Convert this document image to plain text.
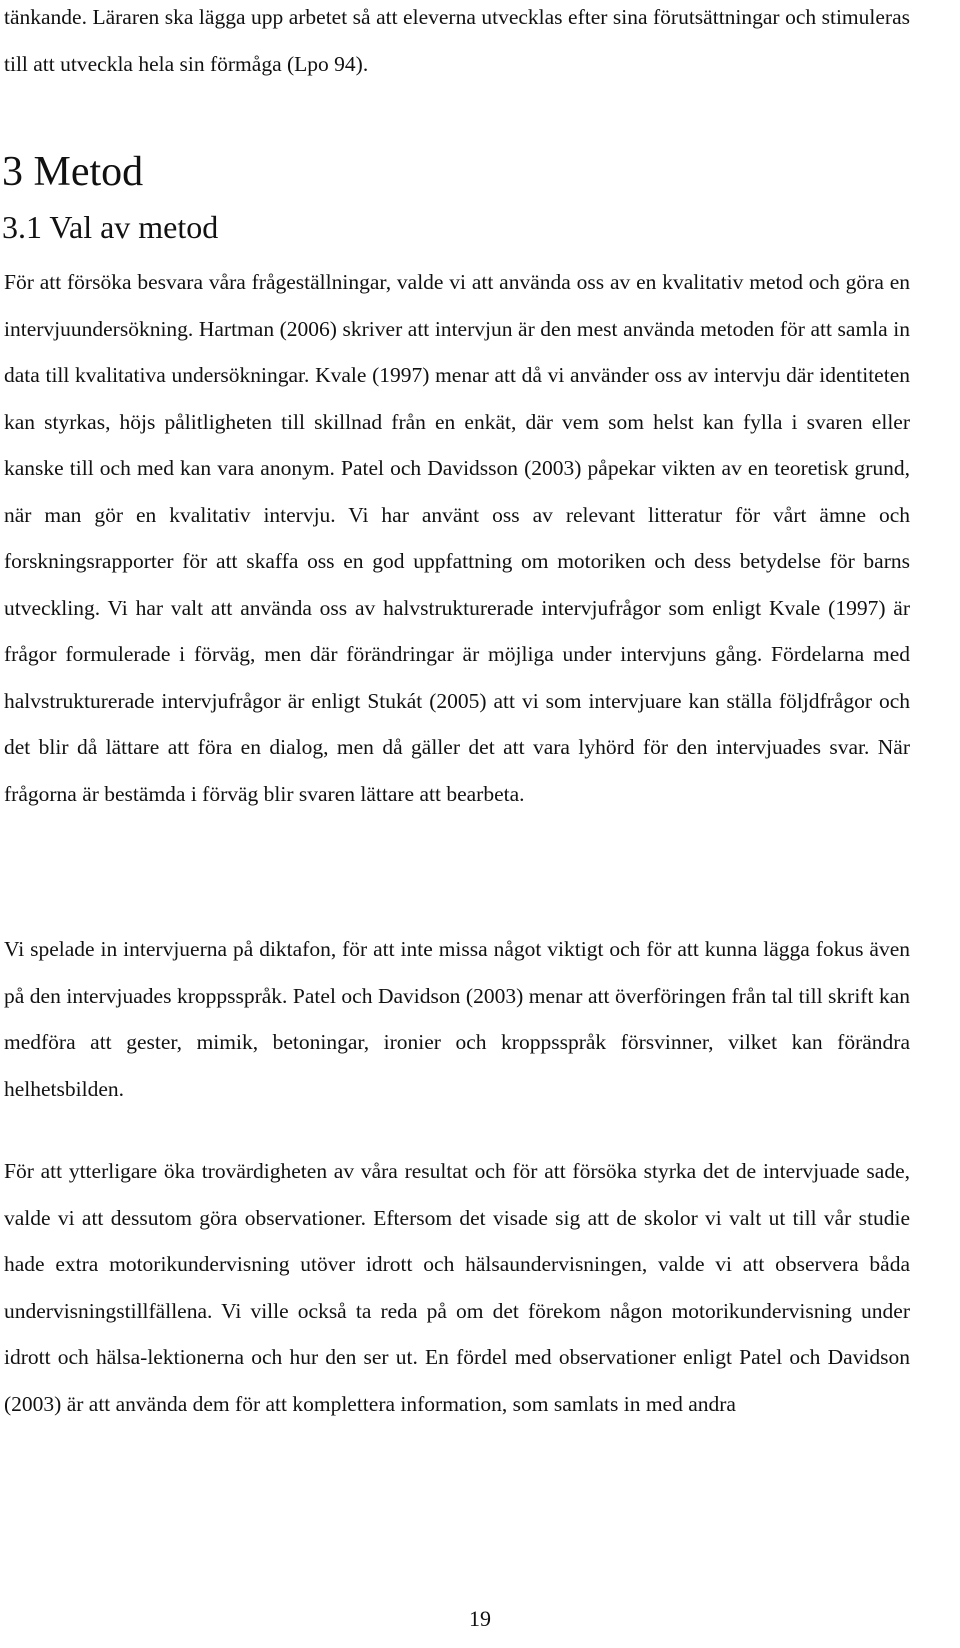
tänkande. Läraren ska lägga upp arbetet så att eleverna utvecklas efter sina förutsättningar och stimuleras till att utveckla hela sin förmåga (Lpo 94).

3 Metod
3.1 Val av metod

För att försöka besvara våra frågeställningar, valde vi att använda oss av en kvalitativ metod och göra en intervjuundersökning. Hartman (2006) skriver att intervjun är den mest använda metoden för att samla in data till kvalitativa undersökningar. Kvale (1997) menar att då vi använder oss av intervju där identiteten kan styrkas, höjs pålitligheten till skillnad från en enkät, där vem som helst kan fylla i svaren eller kanske till och med kan vara anonym. Patel och Davidsson (2003) påpekar vikten av en teoretisk grund, när man gör en kvalitativ intervju. Vi har använt oss av relevant litteratur för vårt ämne och forskningsrapporter för att skaffa oss en god uppfattning om motoriken och dess betydelse för barns utveckling. Vi har valt att använda oss av halvstrukturerade intervjufrågor som enligt Kvale (1997) är frågor formulerade i förväg, men där förändringar är möjliga under intervjuns gång. Fördelarna med halvstrukturerade intervjufrågor är enligt Stukát (2005) att vi som intervjuare kan ställa följdfrågor och det blir då lättare att föra en dialog, men då gäller det att vara lyhörd för den intervjuades svar. När frågorna är bestämda i förväg blir svaren lättare att bearbeta.

Vi spelade in intervjuerna på diktafon, för att inte missa något viktigt och för att kunna lägga fokus även på den intervjuades kroppsspråk. Patel och Davidson (2003) menar att överföringen från tal till skrift kan medföra att gester, mimik, betoningar, ironier och kroppsspråk försvinner, vilket kan förändra helhetsbilden.

För att ytterligare öka trovärdigheten av våra resultat och för att försöka styrka det de intervjuade sade, valde vi att dessutom göra observationer. Eftersom det visade sig att de skolor vi valt ut till vår studie hade extra motorikundervisning utöver idrott och hälsaundervisningen, valde vi att observera båda undervisningstillfällena. Vi ville också ta reda på om det förekom någon motorikundervisning under idrott och hälsa-lektionerna och hur den ser ut. En fördel med observationer enligt Patel och Davidson (2003) är att använda dem för att komplettera information, som samlats in med andra

19
